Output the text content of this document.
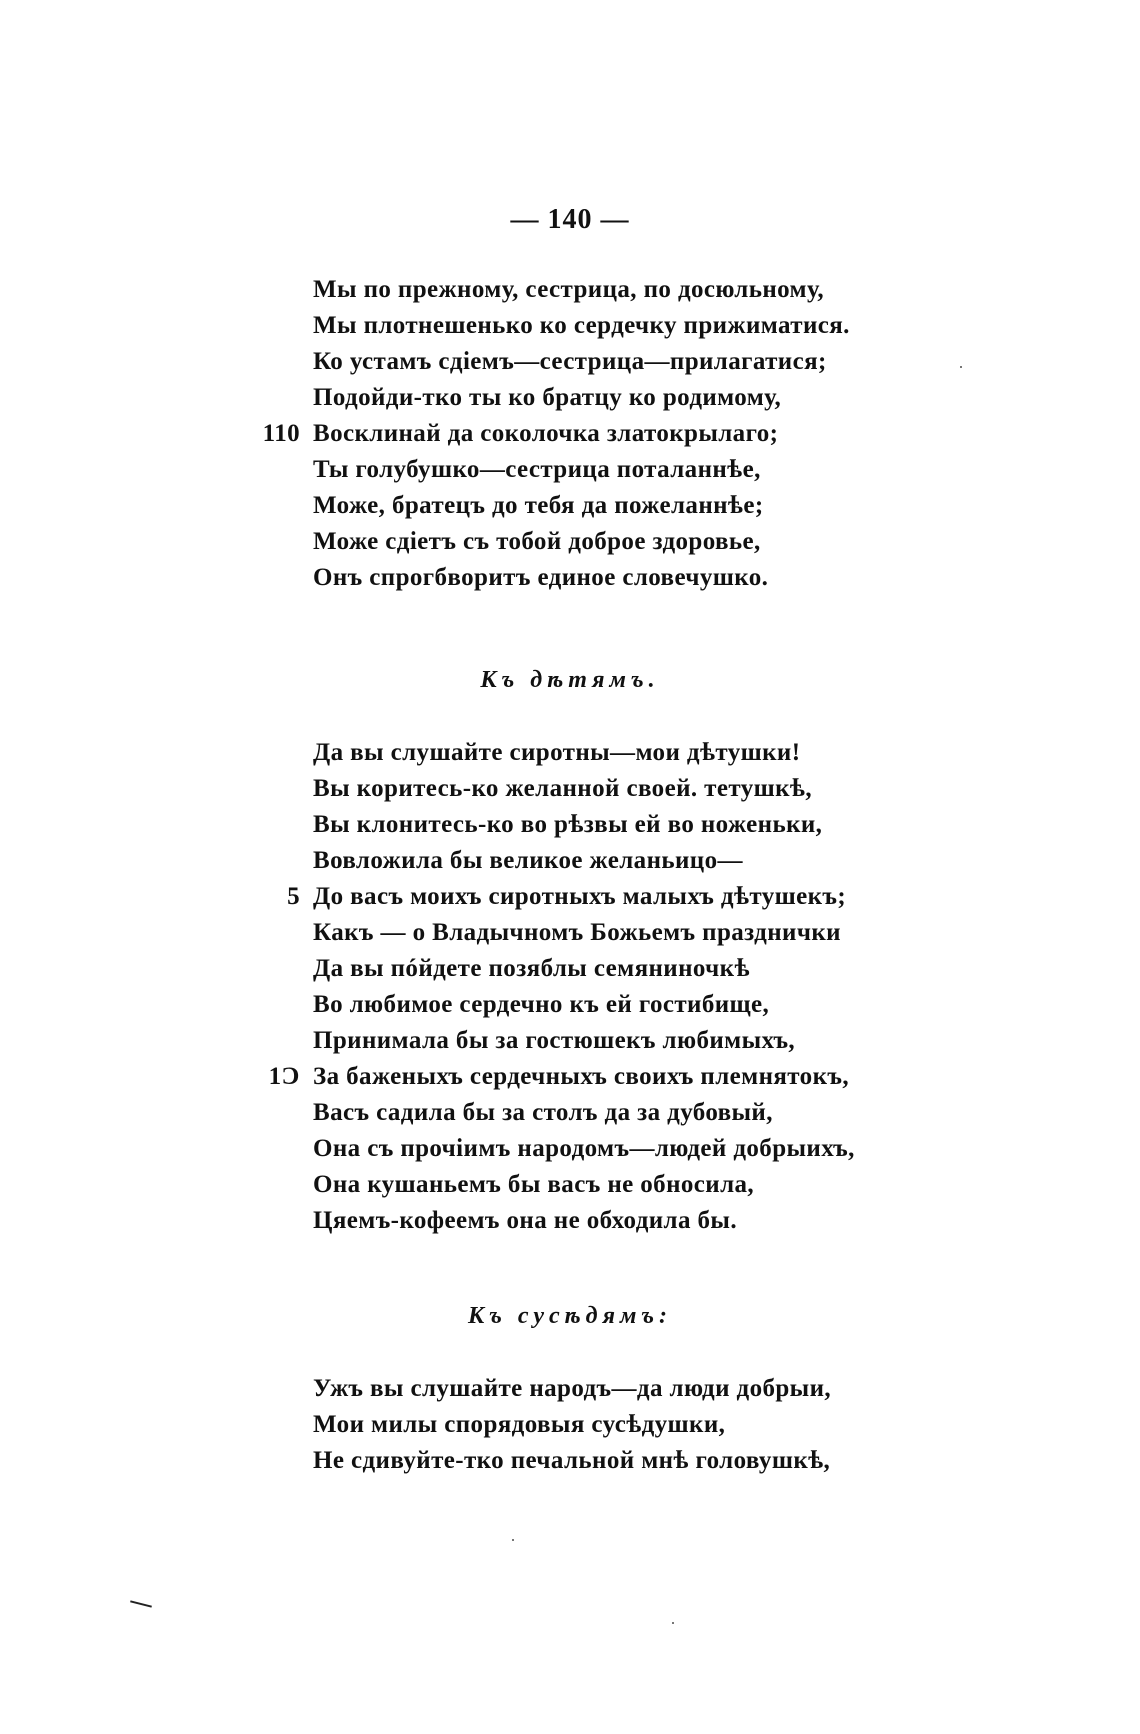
— 140 —
Мы по прежному, сестрица, по досюльному,
Мы плотнешенько ко сердечку прижиматися.
Ко устамъ сдіемъ—сестрица—прилагатися;
Подойди-тко ты ко братцу ко родимому,
110 Восклинай да соколочка златокрылаго;
Ты голубушко—сестрица поталаннѣе,
Може, братецъ до тебя да пожеланнѣе;
Може сдіетъ съ тобой доброе здоровье,
Онъ спрогбворитъ единое словечушко.
Къ дѣтямъ.
Да вы слушайте сиротны—мои дѣтушки!
Вы коритесь-ко желанной своей. тетушкѣ,
Вы клонитесь-ко во рѣзвы ей во ноженьки,
Вовложила бы великое желаньицо—
5 До васъ моихъ сиротныхъ малыхъ дѣтушекъ;
Какъ — о Владычномъ Божьемъ празднички
Да вы пóйдете позяблы семяниночкѣ
Во любимое сердечно къ ей гостибище,
Принимала бы за гостюшекъ любимыхъ,
1Ͻ За баженыхъ сердечныхъ своихъ племнятокъ,
Васъ садила бы за столъ да за дубовый,
Она съ прочіимъ народомъ—людей добрыихъ,
Она кушаньемъ бы васъ не обносила,
Цяемъ-кофеемъ она не обходила бы.
Къ сусѣдямъ:
Ужъ вы слушайте народъ—да люди добрыи,
Мои милы спорядовыя сусѣдушки,
Не сдивуйте-тко печальной мнѣ головушкѣ,
